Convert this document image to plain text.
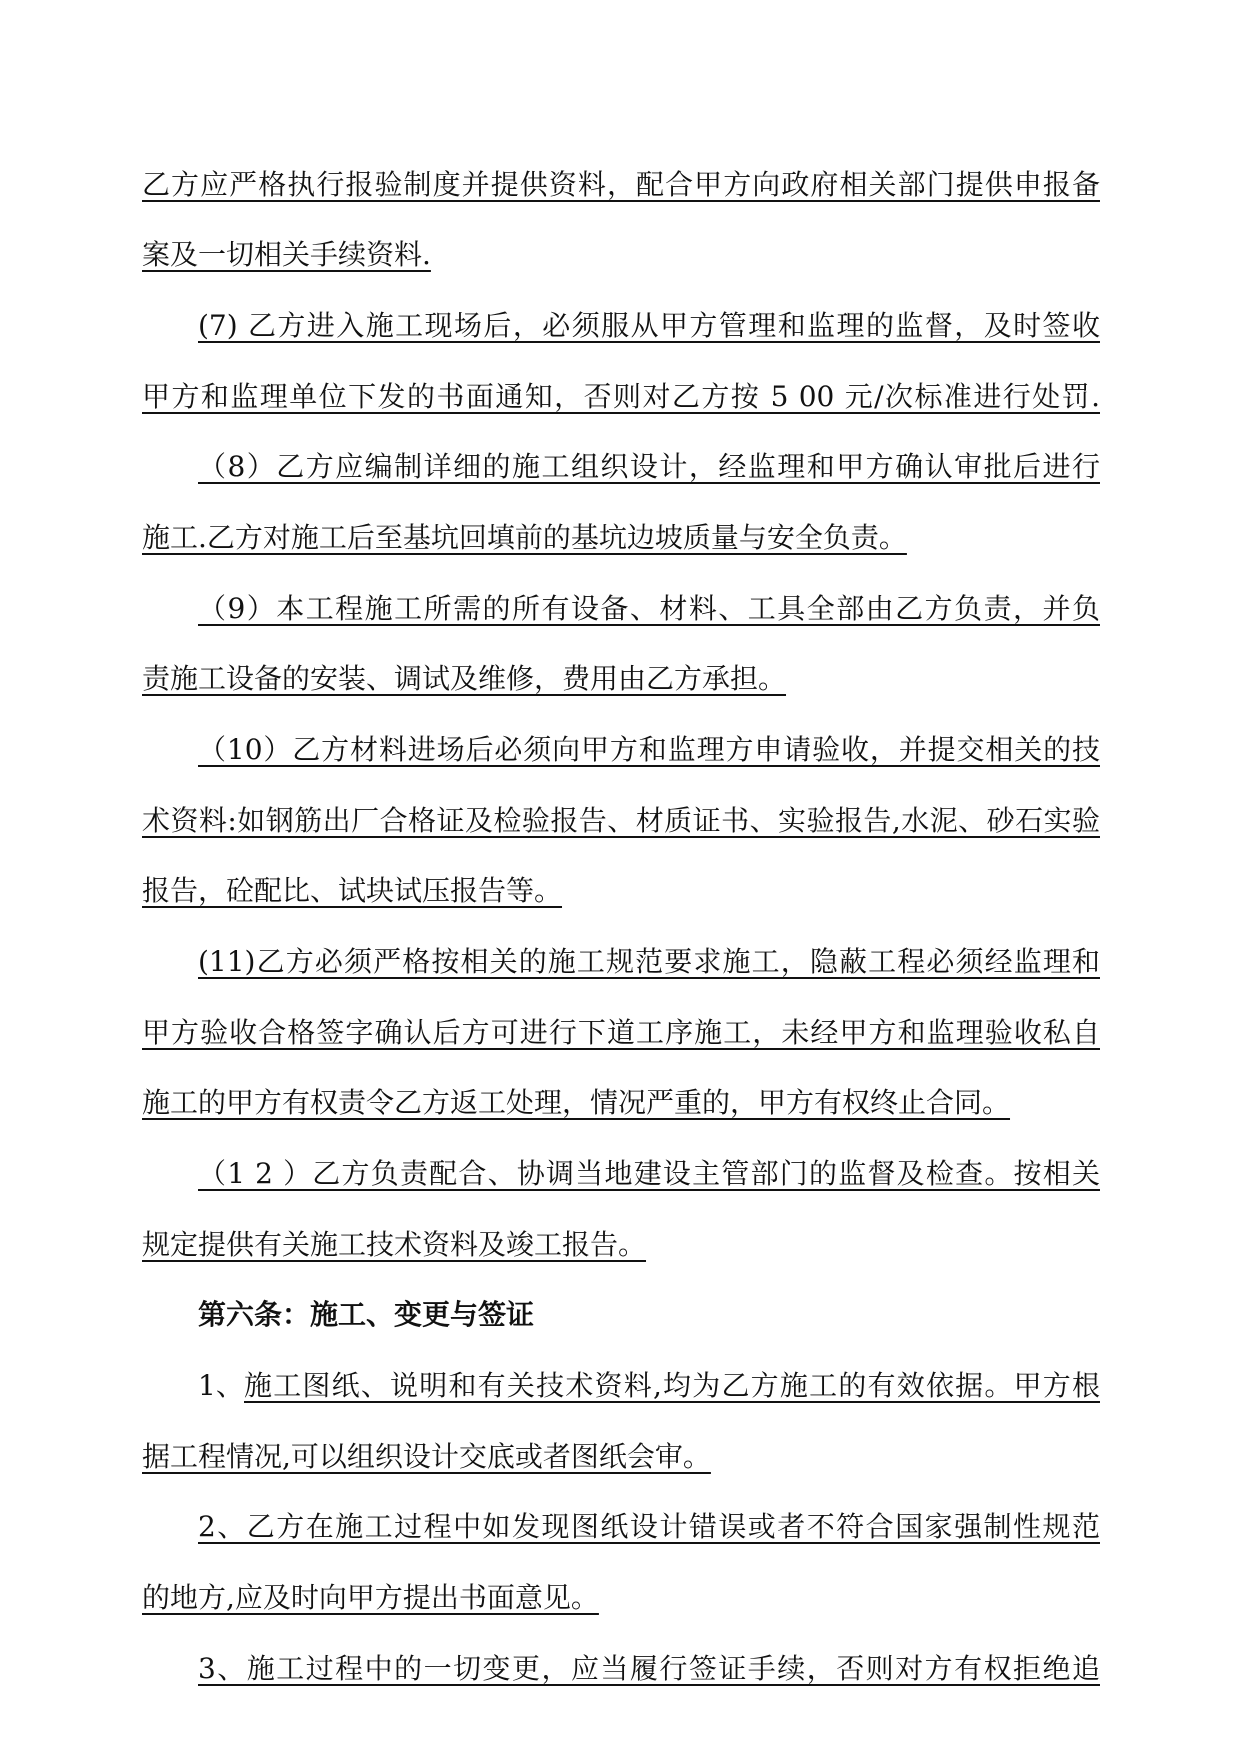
乙方应严格执行报验制度并提供资料，配合甲方向政府相关部门提供申报备
案及一切相关手续资料.
(7) 乙方进入施工现场后，必须服从甲方管理和监理的监督，及时签收
甲方和监理单位下发的书面通知，否则对乙方按 5 00 元/次标准进行处罚.
（8）乙方应编制详细的施工组织设计，经监理和甲方确认审批后进行
施工.乙方对施工后至基坑回填前的基坑边坡质量与安全负责。
（9）本工程施工所需的所有设备、材料、工具全部由乙方负责，并负
责施工设备的安装、调试及维修，费用由乙方承担。
（10）乙方材料进场后必须向甲方和监理方申请验收，并提交相关的技
术资料:如钢筋出厂合格证及检验报告、材质证书、实验报告,水泥、砂石实验
报告，砼配比、试块试压报告等。
(11)乙方必须严格按相关的施工规范要求施工，隐蔽工程必须经监理和
甲方验收合格签字确认后方可进行下道工序施工，未经甲方和监理验收私自
施工的甲方有权责令乙方返工处理，情况严重的，甲方有权终止合同。
（1 2 ）乙方负责配合、协调当地建设主管部门的监督及检查。按相关
规定提供有关施工技术资料及竣工报告。
第六条：施工、变更与签证
1、 施工图纸、说明和有关技术资料,均为乙方施工的有效依据。甲方根
据工程情况,可以组织设计交底或者图纸会审。
2、乙方在施工过程中如发现图纸设计错误或者不符合国家强制性规范
的地方,应及时向甲方提出书面意见。
3、施工过程中的一切变更，应当履行签证手续，否则对方有权拒绝追
